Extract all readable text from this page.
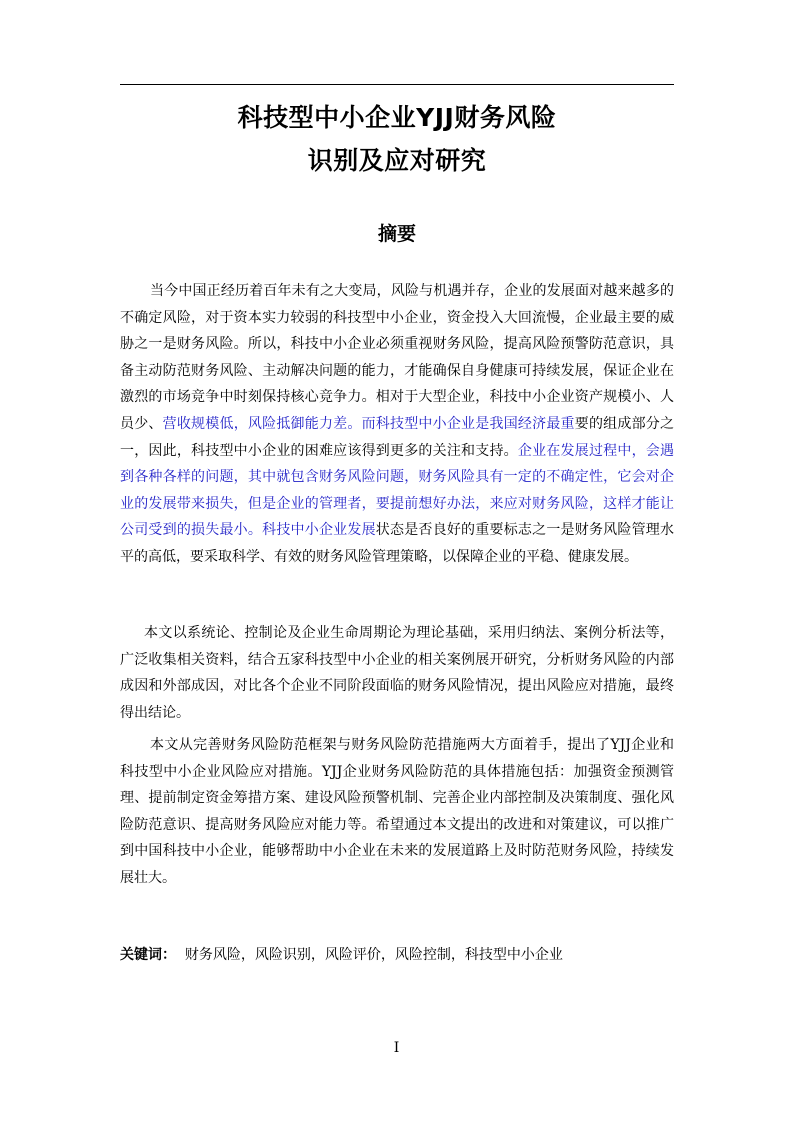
科技型中小企业YJJ财务风险
识别及应对研究
摘要

当今中国正经历着百年未有之大变局，风险与机遇并存，企业的发展面对越来越多的不确定风险，对于资本实力较弱的科技型中小企业，资金投入大回流慢，企业最主要的威胁之一是财务风险。所以，科技中小企业必须重视财务风险，提高风险预警防范意识，具备主动防范财务风险、主动解决问题的能力，才能确保自身健康可持续发展，保证企业在激烈的市场竞争中时刻保持核心竞争力。相对于大型企业，科技中小企业资产规模小、人员少、营收规模低，风险抵御能力差。而科技型中小企业是我国经济最重要的组成部分之一，因此，科技型中小企业的困难应该得到更多的关注和支持。企业在发展过程中，会遇到各种各样的问题，其中就包含财务风险问题，财务风险具有一定的不确定性，它会对企业的发展带来损失，但是企业的管理者，要提前想好办法，来应对财务风险，这样才能让公司受到的损失最小。科技中小企业发展状态是否良好的重要标志之一是财务风险管理水平的高低，要采取科学、有效的财务风险管理策略，以保障企业的平稳、健康发展。

本文以系统论、控制论及企业生命周期论为理论基础，采用归纳法、案例分析法等，广泛收集相关资料，结合五家科技型中小企业的相关案例展开研究，分析财务风险的内部成因和外部成因，对比各个企业不同阶段面临的财务风险情况，提出风险应对措施，最终得出结论。

本文从完善财务风险防范框架与财务风险防范措施两大方面着手，提出了YJJ企业和科技型中小企业风险应对措施。YJJ企业财务风险防范的具体措施包括：加强资金预测管理、提前制定资金筹措方案、建设风险预警机制、完善企业内部控制及决策制度、强化风险防范意识、提高财务风险应对能力等。希望通过本文提出的改进和对策建议，可以推广到中国科技中小企业，能够帮助中小企业在未来的发展道路上及时防范财务风险，持续发展壮大。

关键词： 财务风险，风险识别，风险评价，风险控制，科技型中小企业
I
